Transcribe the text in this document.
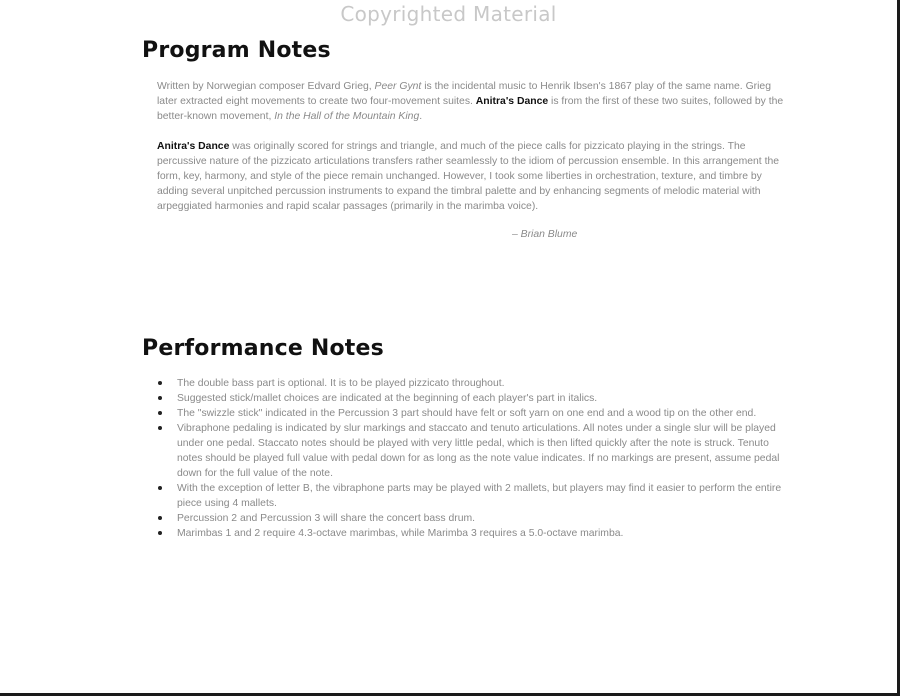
Copyrighted Material
Program Notes

Written by Norwegian composer Edvard Grieg, Peer Gynt is the incidental music to Henrik Ibsen's 1867 play of the same name. Grieg later extracted eight movements to create two four-movement suites. Anitra's Dance is from the first of these two suites, followed by the better-known movement, In the Hall of the Mountain King.

Anitra's Dance was originally scored for strings and triangle, and much of the piece calls for pizzicato playing in the strings. The percussive nature of the pizzicato articulations transfers rather seamlessly to the idiom of percussion ensemble. In this arrangement the form, key, harmony, and style of the piece remain unchanged. However, I took some liberties in orchestration, texture, and timbre by adding several unpitched percussion instruments to expand the timbral palette and by enhancing segments of melodic material with arpeggiated harmonies and rapid scalar passages (primarily in the marimba voice).

– Brian Blume
Performance Notes
The double bass part is optional. It is to be played pizzicato throughout.
Suggested stick/mallet choices are indicated at the beginning of each player's part in italics.
The "swizzle stick" indicated in the Percussion 3 part should have felt or soft yarn on one end and a wood tip on the other end.
Vibraphone pedaling is indicated by slur markings and staccato and tenuto articulations. All notes under a single slur will be played under one pedal. Staccato notes should be played with very little pedal, which is then lifted quickly after the note is struck. Tenuto notes should be played full value with pedal down for as long as the note value indicates. If no markings are present, assume pedal down for the full value of the note.
With the exception of letter B, the vibraphone parts may be played with 2 mallets, but players may find it easier to perform the entire piece using 4 mallets.
Percussion 2 and Percussion 3 will share the concert bass drum.
Marimbas 1 and 2 require 4.3-octave marimbas, while Marimba 3 requires a 5.0-octave marimba.
